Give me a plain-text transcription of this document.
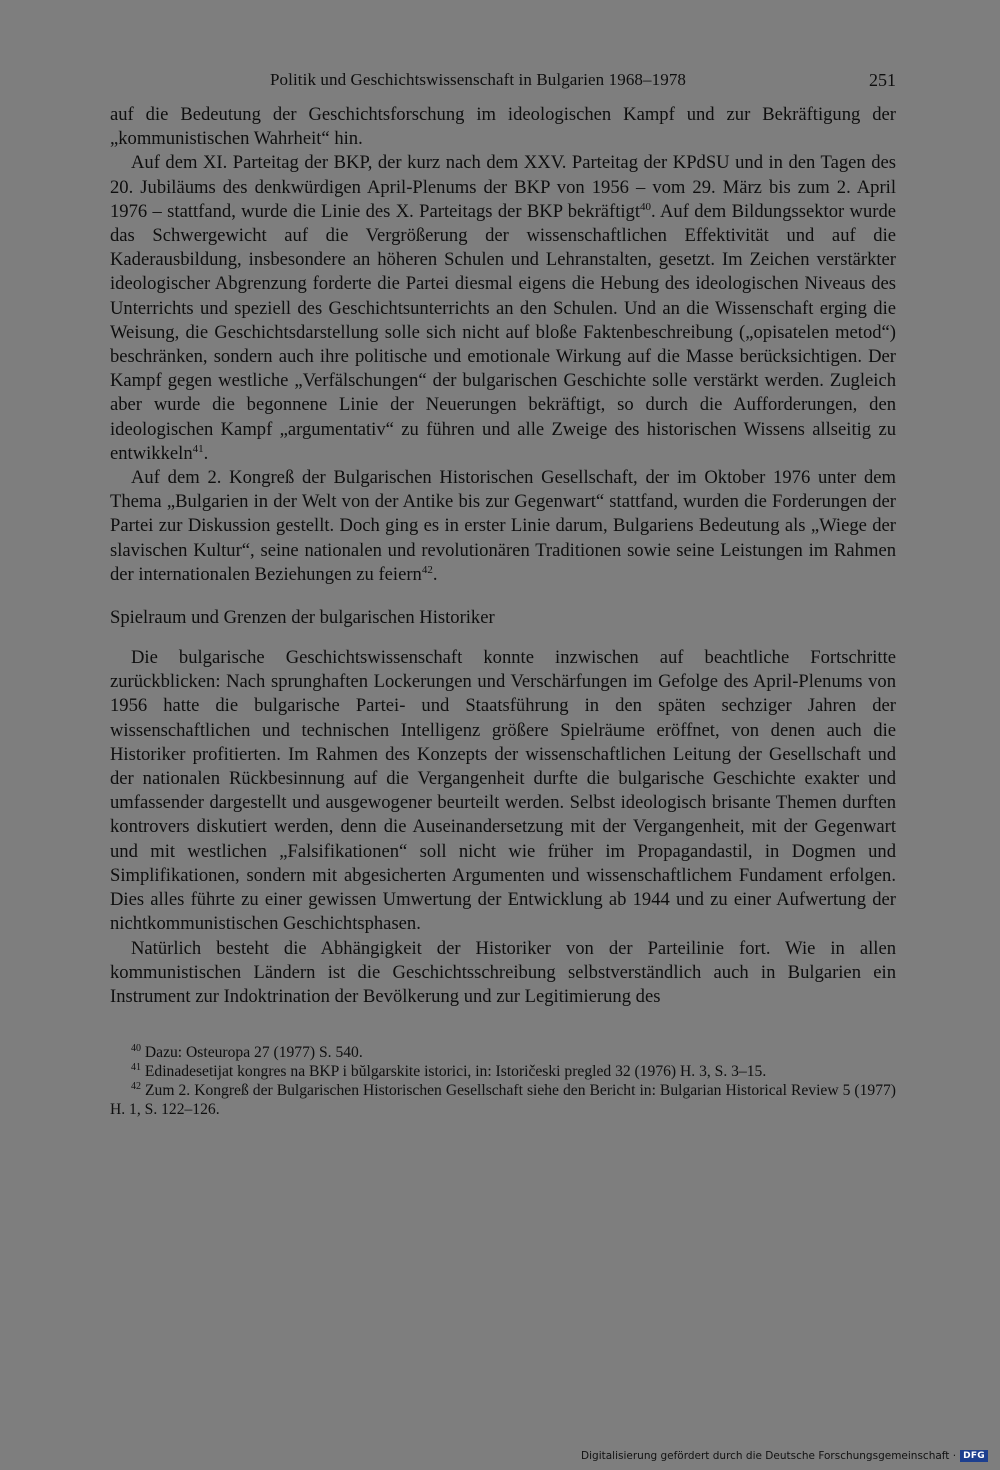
Politik und Geschichtswissenschaft in Bulgarien 1968–1978	251

auf die Bedeutung der Geschichtsforschung im ideologischen Kampf und zur Bekräftigung der „kommunistischen Wahrheit“ hin.

Auf dem XI. Parteitag der BKP, der kurz nach dem XXV. Parteitag der KPdSU und in den Tagen des 20. Jubiläums des denkwürdigen April-Plenums der BKP von 1956 – vom 29. März bis zum 2. April 1976 – stattfand, wurde die Linie des X. Parteitags der BKP bekräftigt$^{40}$. Auf dem Bildungssektor wurde das Schwergewicht auf die Vergrößerung der wissenschaftlichen Effektivität und auf die Kaderausbildung, insbesondere an höheren Schulen und Lehranstalten, gesetzt. Im Zeichen verstärkter ideologischer Abgrenzung forderte die Partei diesmal eigens die Hebung des ideologischen Niveaus des Unterrichts und speziell des Geschichtsunterrichts an den Schulen. Und an die Wissenschaft erging die Weisung, die Geschichtsdarstellung solle sich nicht auf bloße Faktenbeschreibung („opisatelen metod“) beschränken, sondern auch ihre politische und emotionale Wirkung auf die Masse berücksichtigen. Der Kampf gegen westliche „Verfälschungen“ der bulgarischen Geschichte solle verstärkt werden. Zugleich aber wurde die begonnene Linie der Neuerungen bekräftigt, so durch die Aufforderungen, den ideologischen Kampf „argumentativ“ zu führen und alle Zweige des historischen Wissens allseitig zu entwikkeln$^{41}$.

Auf dem 2. Kongreß der Bulgarischen Historischen Gesellschaft, der im Oktober 1976 unter dem Thema „Bulgarien in der Welt von der Antike bis zur Gegenwart“ stattfand, wurden die Forderungen der Partei zur Diskussion gestellt. Doch ging es in erster Linie darum, Bulgariens Bedeutung als „Wiege der slavischen Kultur“, seine nationalen und revolutionären Traditionen sowie seine Leistungen im Rahmen der internationalen Beziehungen zu feiern$^{42}$.

Spielraum und Grenzen der bulgarischen Historiker

Die bulgarische Geschichtswissenschaft konnte inzwischen auf beachtliche Fortschritte zurückblicken: Nach sprunghaften Lockerungen und Verschärfungen im Gefolge des April-Plenums von 1956 hatte die bulgarische Partei- und Staatsführung in den späten sechziger Jahren der wissenschaftlichen und technischen Intelligenz größere Spielräume eröffnet, von denen auch die Historiker profitierten. Im Rahmen des Konzepts der wissenschaftlichen Leitung der Gesellschaft und der nationalen Rückbesinnung auf die Vergangenheit durfte die bulgarische Geschichte exakter und umfassender dargestellt und ausgewogener beurteilt werden. Selbst ideologisch brisante Themen durften kontrovers diskutiert werden, denn die Auseinandersetzung mit der Vergangenheit, mit der Gegenwart und mit westlichen „Falsifikationen“ soll nicht wie früher im Propagandastil, in Dogmen und Simplifikationen, sondern mit abgesicherten Argumenten und wissenschaftlichem Fundament erfolgen. Dies alles führte zu einer gewissen Umwertung der Entwicklung ab 1944 und zu einer Aufwertung der nichtkommunistischen Geschichtsphasen.

Natürlich besteht die Abhängigkeit der Historiker von der Parteilinie fort. Wie in allen kommunistischen Ländern ist die Geschichtsschreibung selbstverständlich auch in Bulgarien ein Instrument zur Indoktrination der Bevölkerung und zur Legitimierung des

$^{40}$ Dazu: Osteuropa 27 (1977) S. 540.

$^{41}$ Edinadesetijat kongres na BKP i bŭlgarskite istorici, in: Istoričeski pregled 32 (1976) H. 3, S. 3–15.

$^{42}$ Zum 2. Kongreß der Bulgarischen Historischen Gesellschaft siehe den Bericht in: Bulgarian Historical Review 5 (1977) H. 1, S. 122–126.

Digitalisierung gefördert durch die Deutsche Forschungsgemeinschaft · DFG
